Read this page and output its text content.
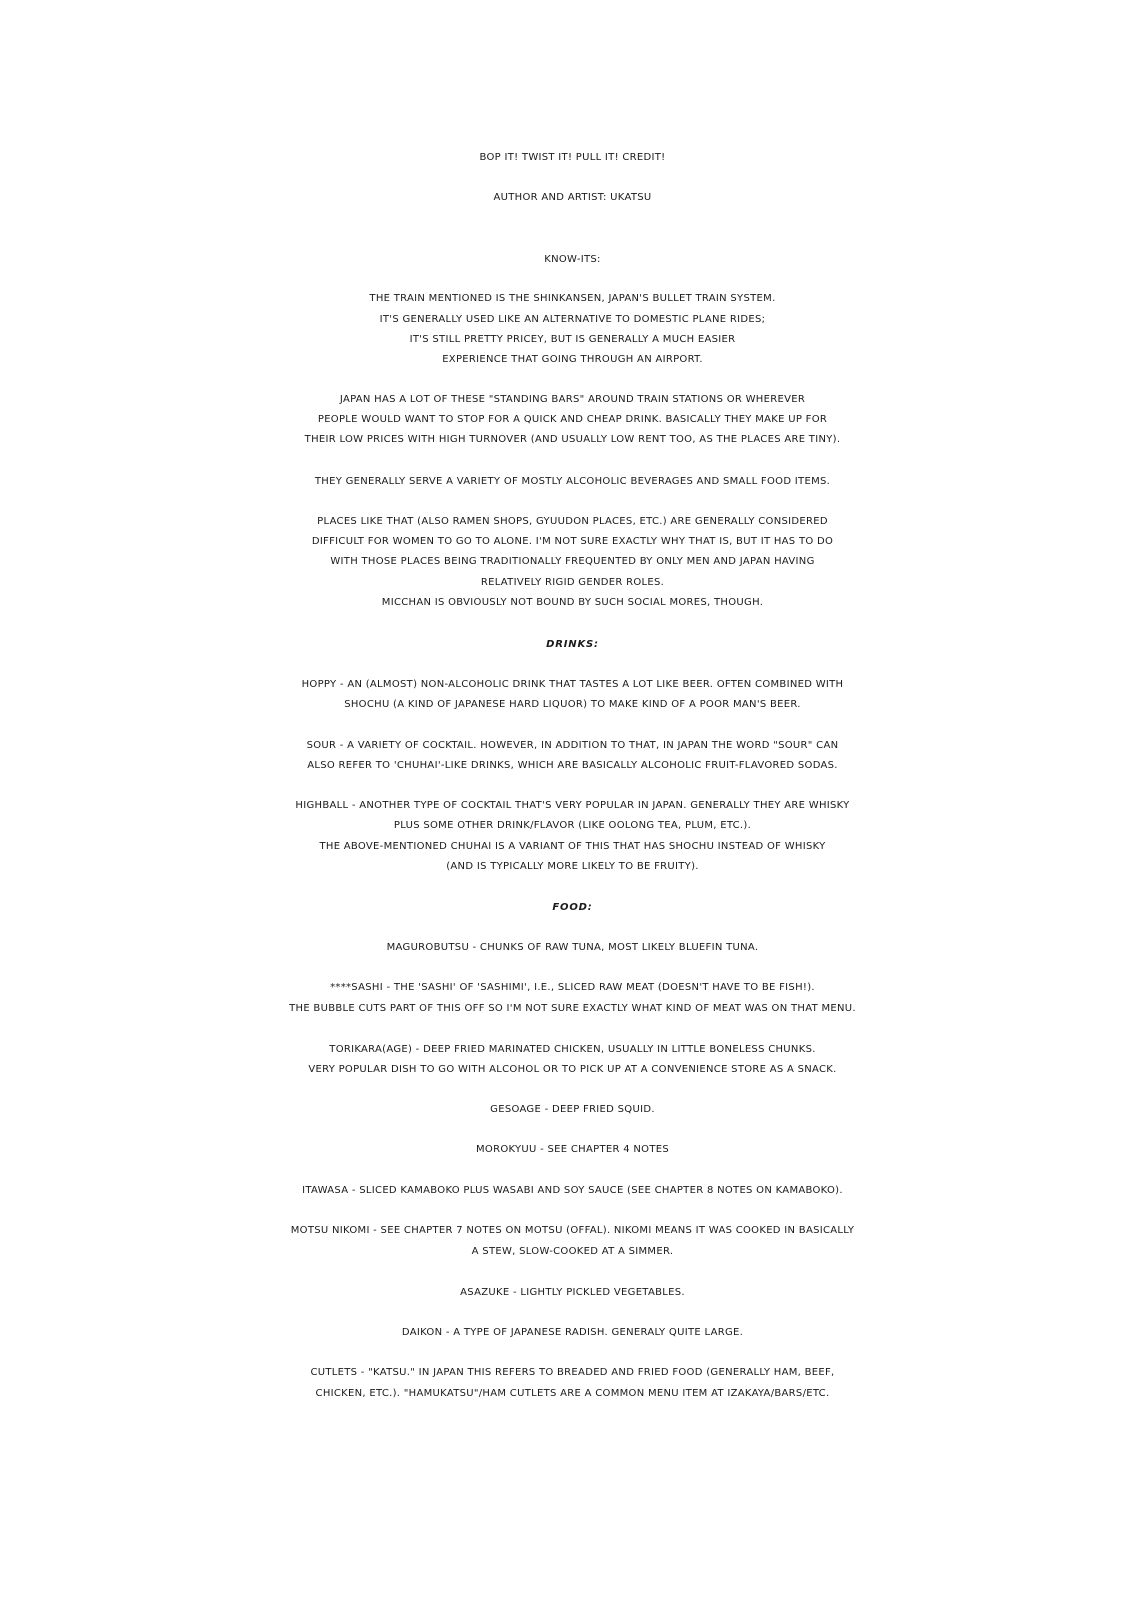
BOP IT! TWIST IT! PULL IT! CREDIT!

AUTHOR AND ARTIST: UKATSU

KNOW-ITS:

THE TRAIN MENTIONED IS THE SHINKANSEN, JAPAN'S BULLET TRAIN SYSTEM.

IT'S GENERALLY USED LIKE AN ALTERNATIVE TO DOMESTIC PLANE RIDES;

IT'S STILL PRETTY PRICEY, BUT IS GENERALLY A MUCH EASIER

EXPERIENCE THAT GOING THROUGH AN AIRPORT.

JAPAN HAS A LOT OF THESE "STANDING BARS" AROUND TRAIN STATIONS OR WHEREVER

PEOPLE WOULD WANT TO STOP FOR A QUICK AND CHEAP DRINK. BASICALLY THEY MAKE UP FOR

THEIR LOW PRICES WITH HIGH TURNOVER (AND USUALLY LOW RENT TOO, AS THE PLACES ARE TINY).

THEY GENERALLY SERVE A VARIETY OF MOSTLY ALCOHOLIC BEVERAGES AND SMALL FOOD ITEMS.

PLACES LIKE THAT (ALSO RAMEN SHOPS, GYUUDON PLACES, ETC.) ARE GENERALLY CONSIDERED

DIFFICULT FOR WOMEN TO GO TO ALONE. I'M NOT SURE EXACTLY WHY THAT IS, BUT IT HAS TO DO

WITH THOSE PLACES BEING TRADITIONALLY FREQUENTED BY ONLY MEN AND JAPAN HAVING

RELATIVELY RIGID GENDER ROLES.

MICCHAN IS OBVIOUSLY NOT BOUND BY SUCH SOCIAL MORES, THOUGH.

DRINKS:

HOPPY - AN (ALMOST) NON-ALCOHOLIC DRINK THAT TASTES A LOT LIKE BEER. OFTEN COMBINED WITH

SHOCHU (A KIND OF JAPANESE HARD LIQUOR) TO MAKE KIND OF A POOR MAN'S BEER.

SOUR - A VARIETY OF COCKTAIL. HOWEVER, IN ADDITION TO THAT, IN JAPAN THE WORD "SOUR" CAN

ALSO REFER TO 'CHUHAI'-LIKE DRINKS, WHICH ARE BASICALLY ALCOHOLIC FRUIT-FLAVORED SODAS.

HIGHBALL - ANOTHER TYPE OF COCKTAIL THAT'S VERY POPULAR IN JAPAN. GENERALLY THEY ARE WHISKY

PLUS SOME OTHER DRINK/FLAVOR (LIKE OOLONG TEA, PLUM, ETC.).

THE ABOVE-MENTIONED CHUHAI IS A VARIANT OF THIS THAT HAS SHOCHU INSTEAD OF WHISKY

(AND IS TYPICALLY MORE LIKELY TO BE FRUITY).

FOOD:

MAGUROBUTSU - CHUNKS OF RAW TUNA, MOST LIKELY BLUEFIN TUNA.

****SASHI - THE 'SASHI' OF 'SASHIMI', I.E., SLICED RAW MEAT (DOESN'T HAVE TO BE FISH!).

THE BUBBLE CUTS PART OF THIS OFF SO I'M NOT SURE EXACTLY WHAT KIND OF MEAT WAS ON THAT MENU.

TORIKARA(AGE) - DEEP FRIED MARINATED CHICKEN, USUALLY IN LITTLE BONELESS CHUNKS.

VERY POPULAR DISH TO GO WITH ALCOHOL OR TO PICK UP AT A CONVENIENCE STORE AS A SNACK.

GESOAGE - DEEP FRIED SQUID.

MOROKYUU - SEE CHAPTER 4 NOTES

ITAWASA - SLICED KAMABOKO PLUS WASABI AND SOY SAUCE (SEE CHAPTER 8 NOTES ON KAMABOKO).

MOTSU NIKOMI - SEE CHAPTER 7 NOTES ON MOTSU (OFFAL). NIKOMI MEANS IT WAS COOKED IN BASICALLY

A STEW, SLOW-COOKED AT A SIMMER.

ASAZUKE - LIGHTLY PICKLED VEGETABLES.

DAIKON - A TYPE OF JAPANESE RADISH. GENERALY QUITE LARGE.

CUTLETS - "KATSU." IN JAPAN THIS REFERS TO BREADED AND FRIED FOOD (GENERALLY HAM, BEEF,

CHICKEN, ETC.). "HAMUKATSU"/HAM CUTLETS ARE A COMMON MENU ITEM AT IZAKAYA/BARS/ETC.
